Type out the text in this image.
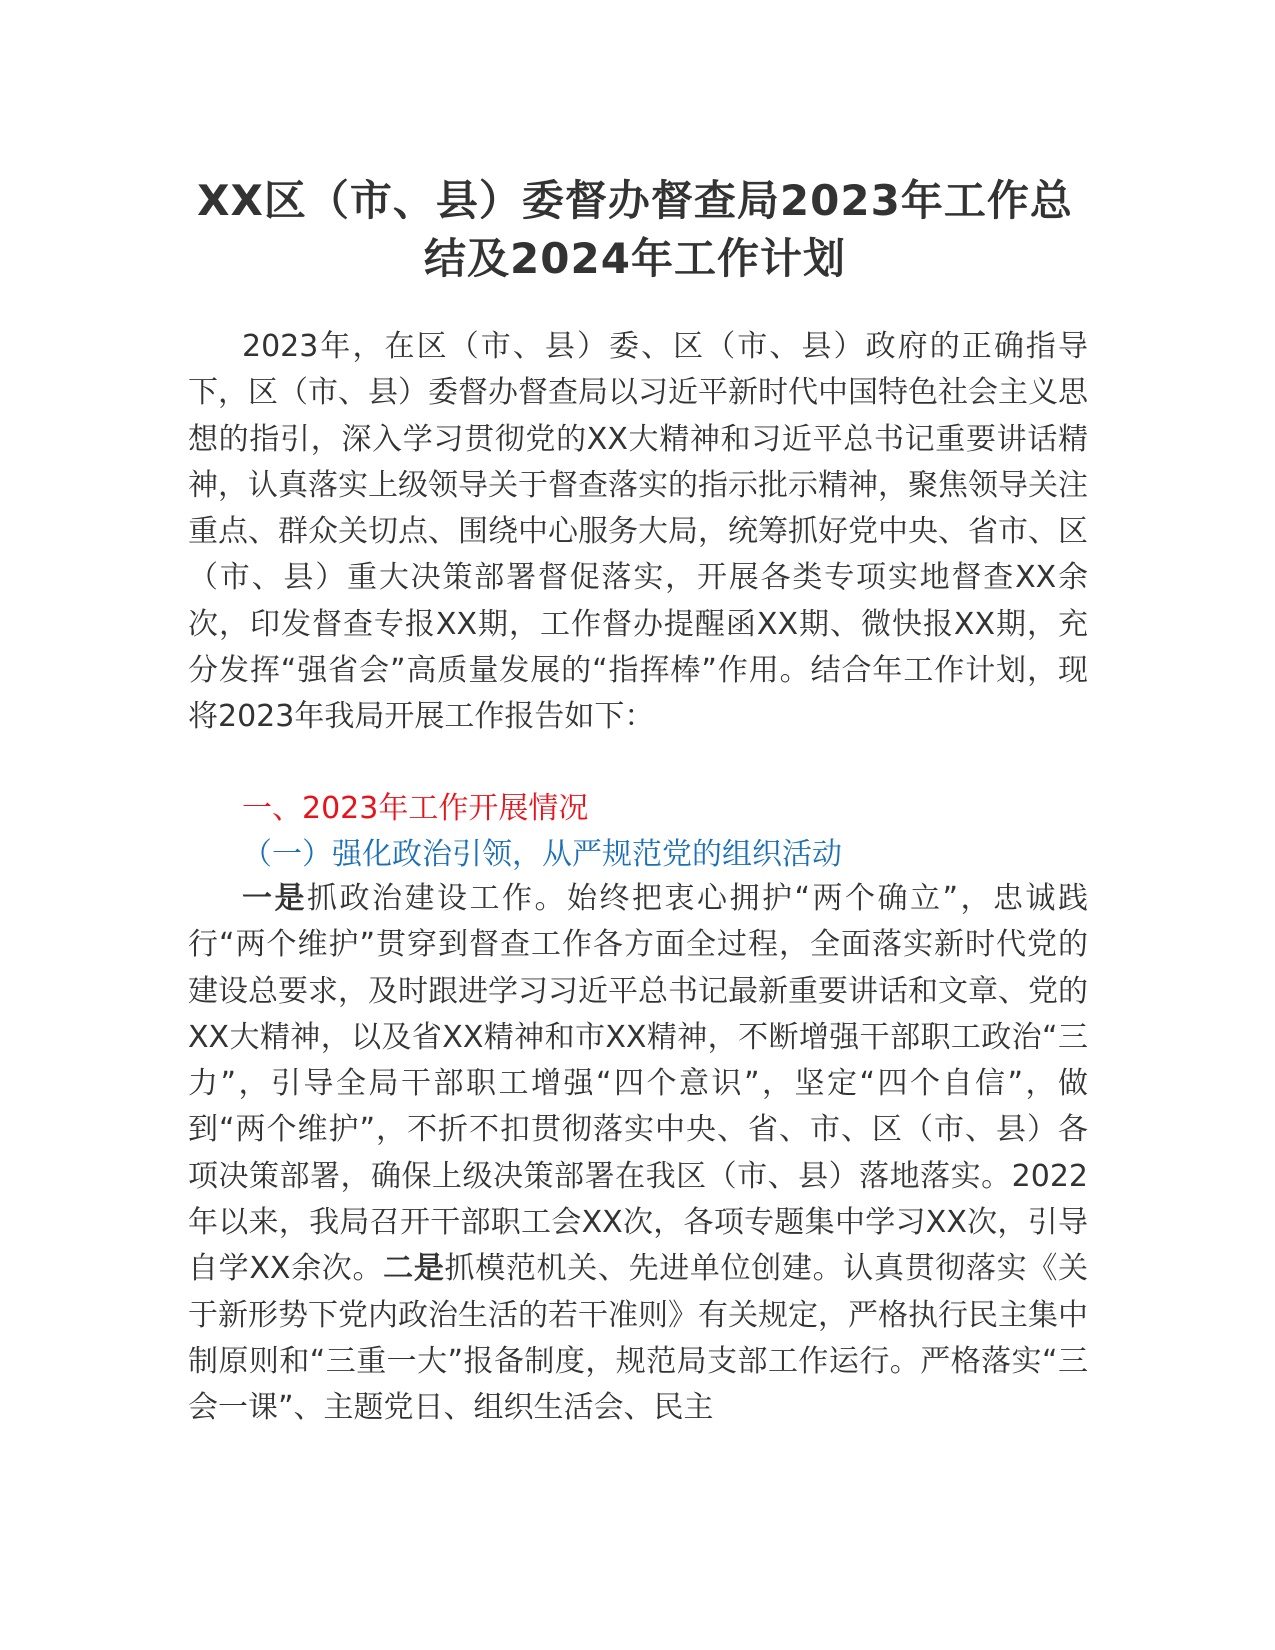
XX区（市、县）委督办督查局2023年工作总结及2024年工作计划
2023年，在区（市、县）委、区（市、县）政府的正确指导下，区（市、县）委督办督查局以习近平新时代中国特色社会主义思想的指引，深入学习贯彻党的XX大精神和习近平总书记重要讲话精神，认真落实上级领导关于督查落实的指示批示精神，聚焦领导关注重点、群众关切点、围绕中心服务大局，统筹抓好党中央、省市、区（市、县）重大决策部署督促落实，开展各类专项实地督查XX余次，印发督查专报XX期，工作督办提醒函XX期、微快报XX期，充分发挥“强省会”高质量发展的“指挥棒”作用。结合年工作计划，现将2023年我局开展工作报告如下：
一、2023年工作开展情况
（一）强化政治引领，从严规范党的组织活动
一是抓政治建设工作。始终把衷心拥护“两个确立”，忠诚践行“两个维护”贯穿到督查工作各方面全过程，全面落实新时代党的建设总要求，及时跟进学习习近平总书记最新重要讲话和文章、党的XX大精神，以及省XX精神和市XX精神，不断增强干部职工政治“三力”，引导全局干部职工增强“四个意识”，坚定“四个自信”，做到“两个维护”，不折不扣贯彻落实中央、省、市、区（市、县）各项决策部署，确保上级决策部署在我区（市、县）落地落实。2022年以来，我局召开干部职工会XX次，各项专题集中学习XX次，引导自学XX余次。二是抓模范机关、先进单位创建。认真贯彻落实《关于新形势下党内政治生活的若干准则》有关规定，严格执行民主集中制原则和“三重一大”报备制度，规范局支部工作运行。严格落实“三会一课”、主题党日、组织生活会、民主
